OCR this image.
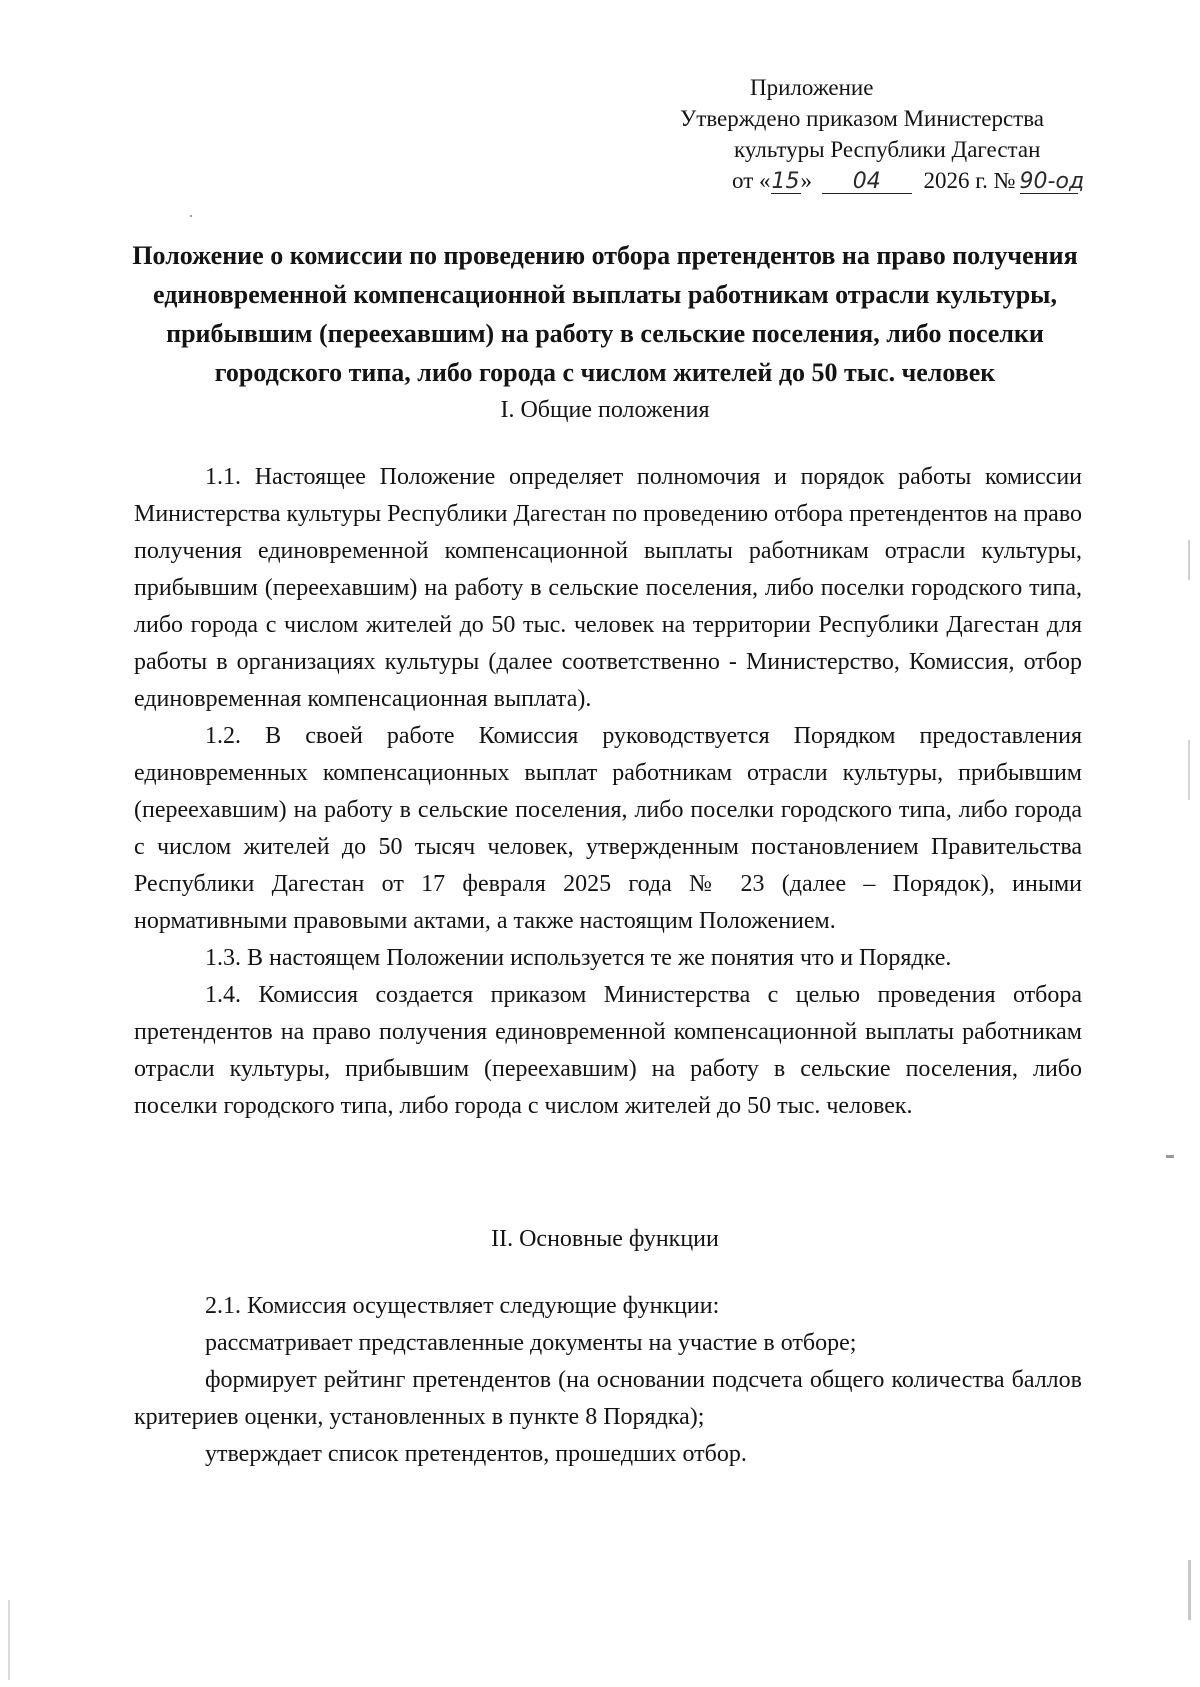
Приложение
Утверждено приказом Министерства
культуры Республики Дагестан
от «15» 04 2026 г. № 90-од
Положение о комиссии по проведению отбора претендентов на право получения единовременной компенсационной выплаты работникам отрасли культуры, прибывшим (переехавшим) на работу в сельские поселения, либо поселки городского типа, либо города с числом жителей до 50 тыс. человек
I. Общие положения

1.1. Настоящее Положение определяет полномочия и порядок работы комиссии Министерства культуры Республики Дагестан по проведению отбора претендентов на право получения единовременной компенсационной выплаты работникам отрасли культуры, прибывшим (переехавшим) на работу в сельские поселения, либо поселки городского типа, либо города с числом жителей до 50 тыс. человек на территории Республики Дагестан для работы в организациях культуры (далее соответственно - Министерство, Комиссия, отбор единовременная компенсационная выплата).

1.2. В своей работе Комиссия руководствуется Порядком предоставления единовременных компенсационных выплат работникам отрасли культуры, прибывшим (переехавшим) на работу в сельские поселения, либо поселки городского типа, либо города с числом жителей до 50 тысяч человек, утвержденным постановлением Правительства Республики Дагестан от 17 февраля 2025 года № 23 (далее – Порядок), иными нормативными правовыми актами, а также настоящим Положением.

1.3. В настоящем Положении используется те же понятия что и Порядке.

1.4. Комиссия создается приказом Министерства с целью проведения отбора претендентов на право получения единовременной компенсационной выплаты работникам отрасли культуры, прибывшим (переехавшим) на работу в сельские поселения, либо поселки городского типа, либо города с числом жителей до 50 тыс. человек.

II. Основные функции

2.1. Комиссия осуществляет следующие функции:

рассматривает представленные документы на участие в отборе;

формирует рейтинг претендентов (на основании подсчета общего количества баллов критериев оценки, установленных в пункте 8 Порядка);

утверждает список претендентов, прошедших отбор.
